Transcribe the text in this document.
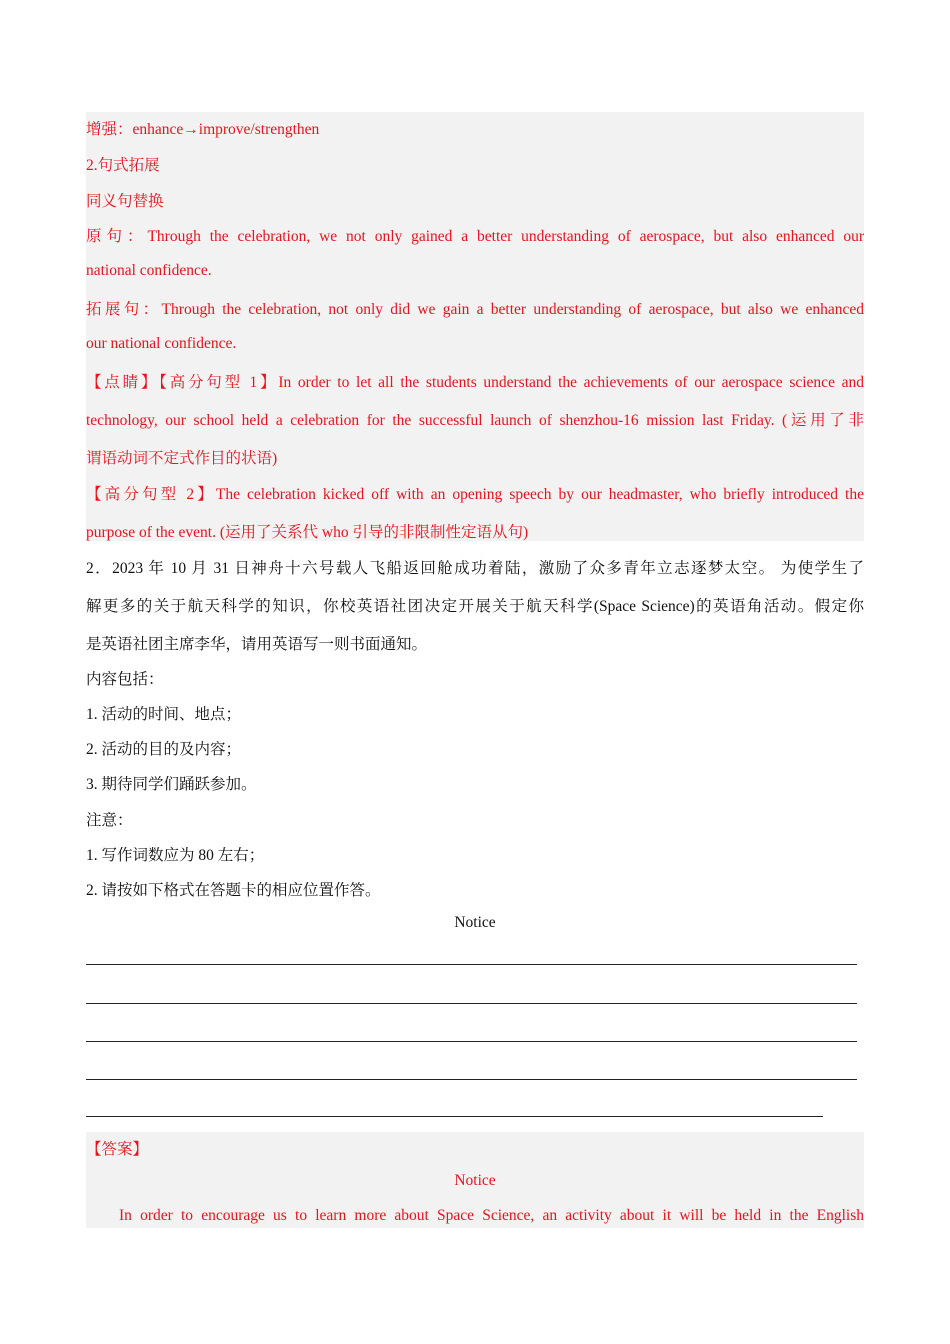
增强：enhance→improve/strengthen
2.句式拓展
同义句替换
原句：Through the celebration, we not only gained a better understanding of aerospace, but also enhanced our
national confidence.
拓展句：Through the celebration, not only did we gain a better understanding of aerospace, but also we enhanced
our national confidence.
【点睛】【高分句型 1】In order to let all the students understand the achievements of our aerospace science and
technology, our school held a celebration for the successful launch of shenzhou-16 mission last Friday. (运用了非
谓语动词不定式作目的状语)
【高分句型 2】The celebration kicked off with an opening speech by our headmaster, who briefly introduced the
purpose of the event. (运用了关系代 who 引导的非限制性定语从句)
2．2023 年 10 月 31 日神舟十六号载人飞船返回舱成功着陆，激励了众多青年立志逐梦太空。 为使学生了
解更多的关于航天科学的知识，你校英语社团决定开展关于航天科学(Space Science)的英语角活动。假定你
是英语社团主席李华，请用英语写一则书面通知。
内容包括：
1. 活动的时间、地点；
2. 活动的目的及内容；
3. 期待同学们踊跃参加。
注意：
1. 写作词数应为 80 左右；
2. 请按如下格式在答题卡的相应位置作答。
Notice
【答案】
Notice
In order to encourage us to learn more about Space Science, an activity about it will be held in the English
